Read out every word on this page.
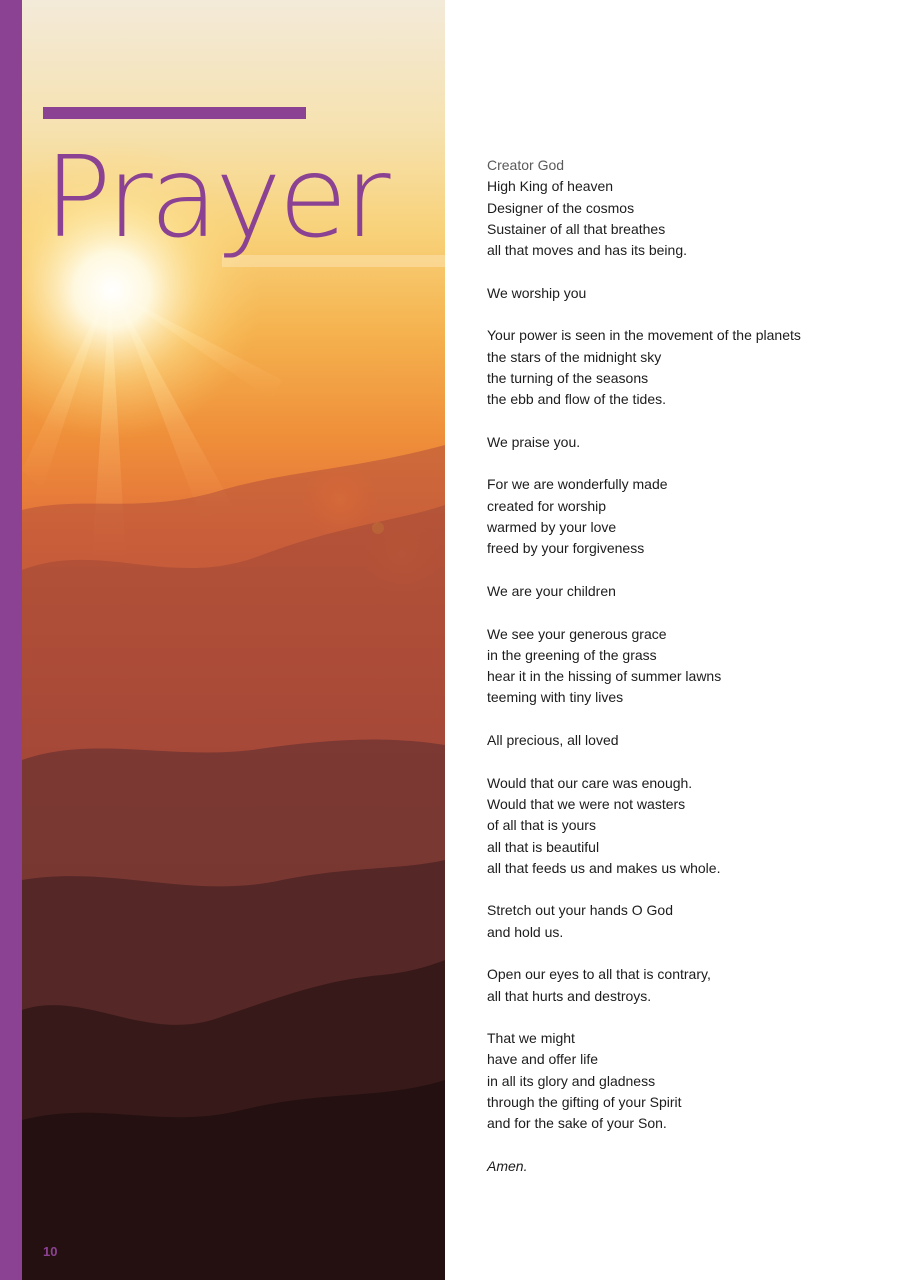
Prayer	Creator God
High King of heaven
Designer of the cosmos
Sustainer of all that breathes
all that moves and has its being.
We worship you
Your power is seen in the movement of the planets
the stars of the midnight sky
the turning of the seasons
the ebb and flow of the tides.
We praise you.
For we are wonderfully made
created for worship
warmed by your love
freed by your forgiveness
We are your children
We see your generous grace
in the greening of the grass
hear it in the hissing of summer lawns
teeming with tiny lives
All precious, all loved
Would that our care was enough.
Would that we were not wasters
of all that is yours
all that is beautiful
all that feeds us and makes us whole.
Stretch out your hands O God
and hold us.
Open our eyes to all that is contrary,
all that hurts and destroys.
That we might
have and offer life
in all its glory and gladness
through the gifting of your Spirit
and for the sake of your Son.
Amen.
10
